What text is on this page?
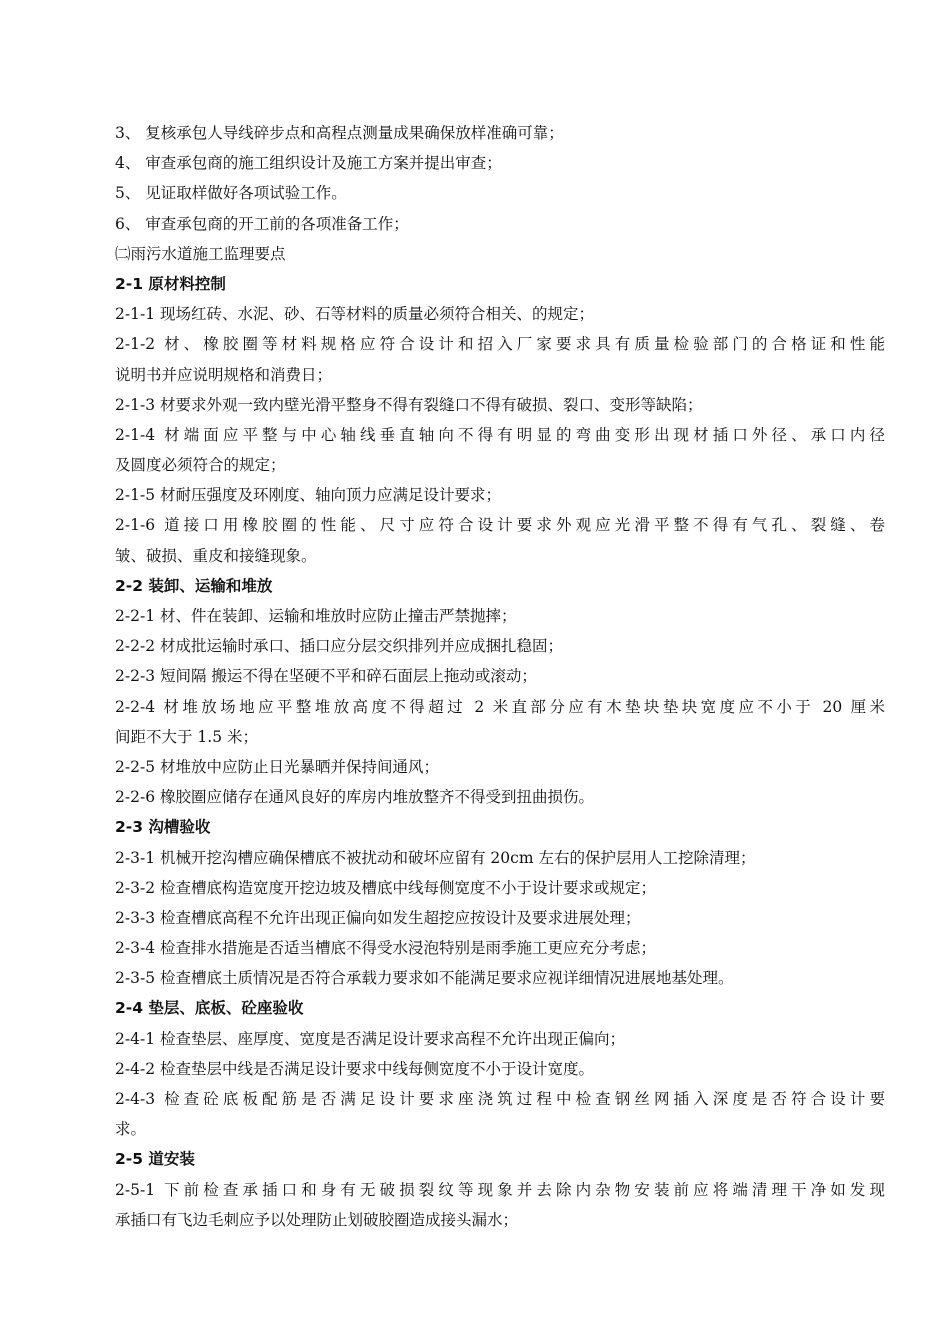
3、 复核承包人导线碎步点和高程点测量成果确保放样准确可靠；
4、 审查承包商的施工组织设计及施工方案并提出审查；
5、 见证取样做好各项试验工作。
6、 审查承包商的开工前的各项准备工作；
㈡雨污水道施工监理要点
2-1 原材料控制
2-1-1 现场红砖、水泥、砂、石等材料的质量必须符合相关、的规定；
2-1-2 材、橡胶圈等材料规格应符合设计和招入厂家要求具有质量检验部门的合格证和性能
说明书并应说明规格和消费日；
2-1-3 材要求外观一致内壁光滑平整身不得有裂缝口不得有破损、裂口、变形等缺陷；
2-1-4 材端面应平整与中心轴线垂直轴向不得有明显的弯曲变形出现材插口外径、承口内径
及圆度必须符合的规定；
2-1-5 材耐压强度及环刚度、轴向顶力应满足设计要求；
2-1-6 道接口用橡胶圈的性能、尺寸应符合设计要求外观应光滑平整不得有气孔、裂缝、卷
皱、破损、重皮和接缝现象。
2-2 装卸、运输和堆放
2-2-1 材、件在装卸、运输和堆放时应防止撞击严禁抛摔；
2-2-2 材成批运输时承口、插口应分层交织排列并应成捆扎稳固；
2-2-3 短间隔 搬运不得在坚硬不平和碎石面层上拖动或滚动；
2-2-4 材堆放场地应平整堆放高度不得超过 2 米直部分应有木垫块垫块宽度应不小于 20 厘米
间距不大于 1.5 米；
2-2-5 材堆放中应防止日光暴晒并保持间通风；
2-2-6 橡胶圈应储存在通风良好的库房内堆放整齐不得受到扭曲损伤。
2-3 沟槽验收
2-3-1 机械开挖沟槽应确保槽底不被扰动和破坏应留有 20cm 左右的保护层用人工挖除清理；
2-3-2 检查槽底构造宽度开挖边坡及槽底中线每侧宽度不小于设计要求或规定；
2-3-3 检查槽底高程不允许出现正偏向如发生超挖应按设计及要求进展处理；
2-3-4 检查排水措施是否适当槽底不得受水浸泡特别是雨季施工更应充分考虑；
2-3-5 检查槽底土质情况是否符合承载力要求如不能满足要求应视详细情况进展地基处理。
2-4 垫层、底板、砼座验收
2-4-1 检查垫层、座厚度、宽度是否满足设计要求高程不允许出现正偏向；
2-4-2 检查垫层中线是否满足设计要求中线每侧宽度不小于设计宽度。
2-4-3 检查砼底板配筋是否满足设计要求座浇筑过程中检查钢丝网插入深度是否符合设计要
求。
2-5 道安装
2-5-1 下前检查承插口和身有无破损裂纹等现象并去除内杂物安装前应将端清理干净如发现
承插口有飞边毛刺应予以处理防止划破胶圈造成接头漏水；
